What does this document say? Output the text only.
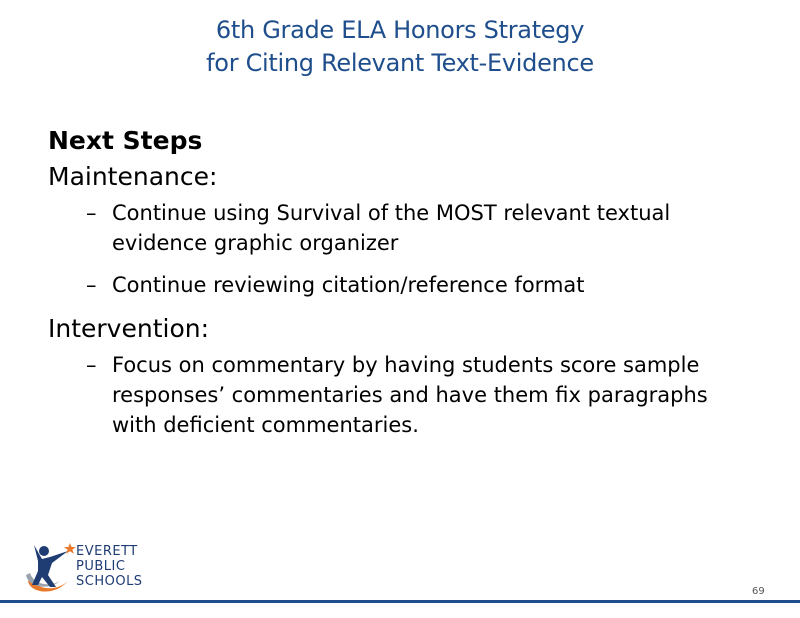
6th Grade ELA Honors Strategy
for Citing Relevant Text-Evidence

Next Steps

Maintenance:

– Continue using Survival of the MOST relevant textual evidence graphic organizer
– Continue reviewing citation/reference format

Intervention:

– Focus on commentary by having students score sample responses’ commentaries and have them fix paragraphs with deficient commentaries.
EVERETT
PUBLIC
SCHOOLS
69
